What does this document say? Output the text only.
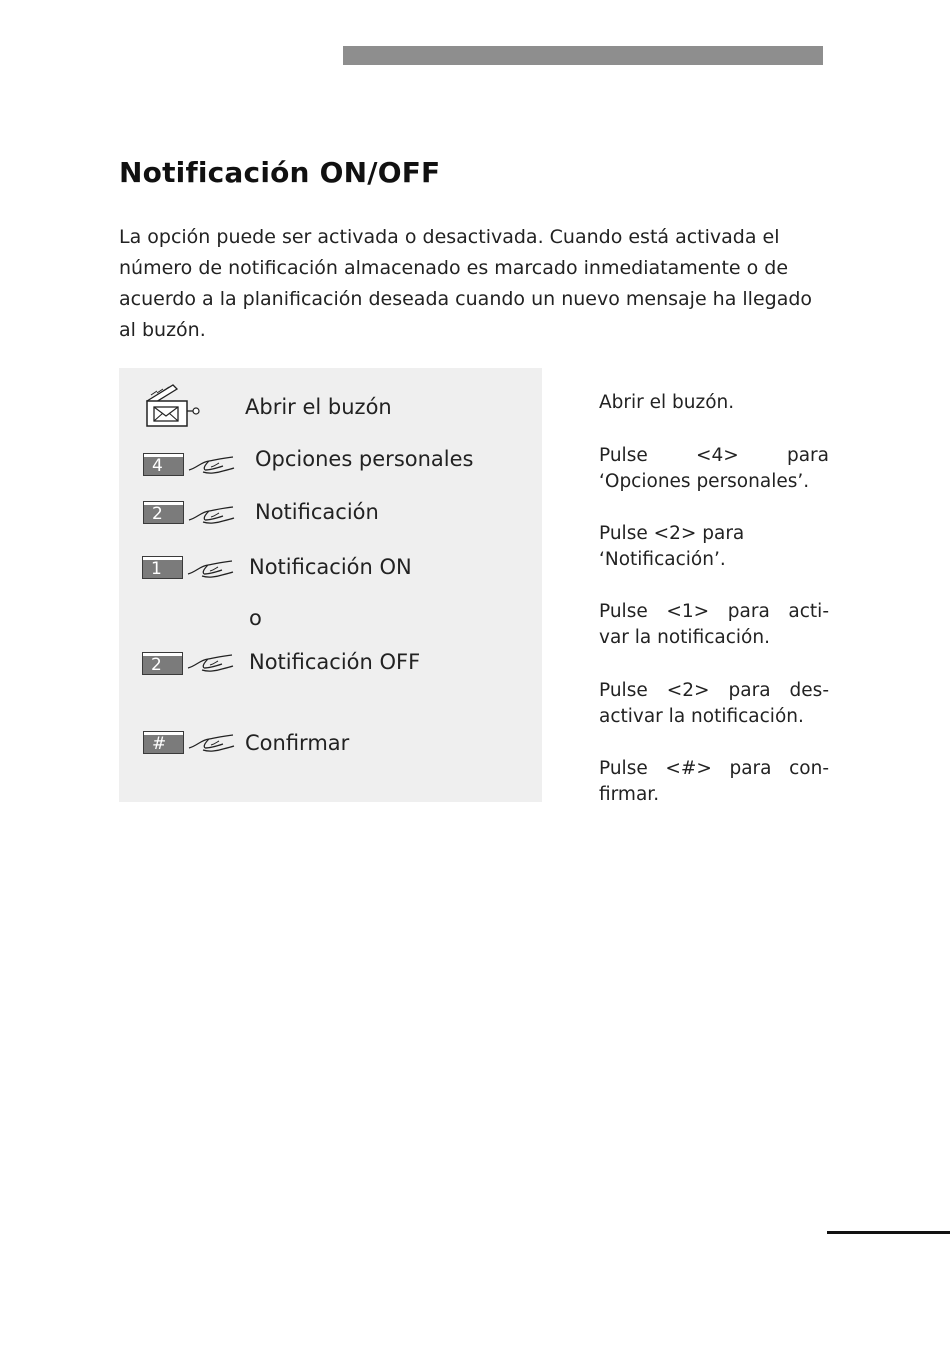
Notificación ON/OFF

La opción puede ser activada o desactivada. Cuando está activada el número de notificación almacenado es marcado inmediatamente o de acuerdo a la planificación deseada cuando un nuevo mensaje ha llegado al buzón.

Abrir el buzón
4	Opciones personales
2	Notificación
1	Notificación ON
o
2	Notificación OFF
#	Confirmar
Abrir el buzón.
Pulse <4> para
‘Opciones personales’.
Pulse <2> para
‘Notificación’.
Pulse <1> para acti-
var la notificación.
Pulse <2> para des-
activar la notificación.
Pulse <#> para con-
firmar.
